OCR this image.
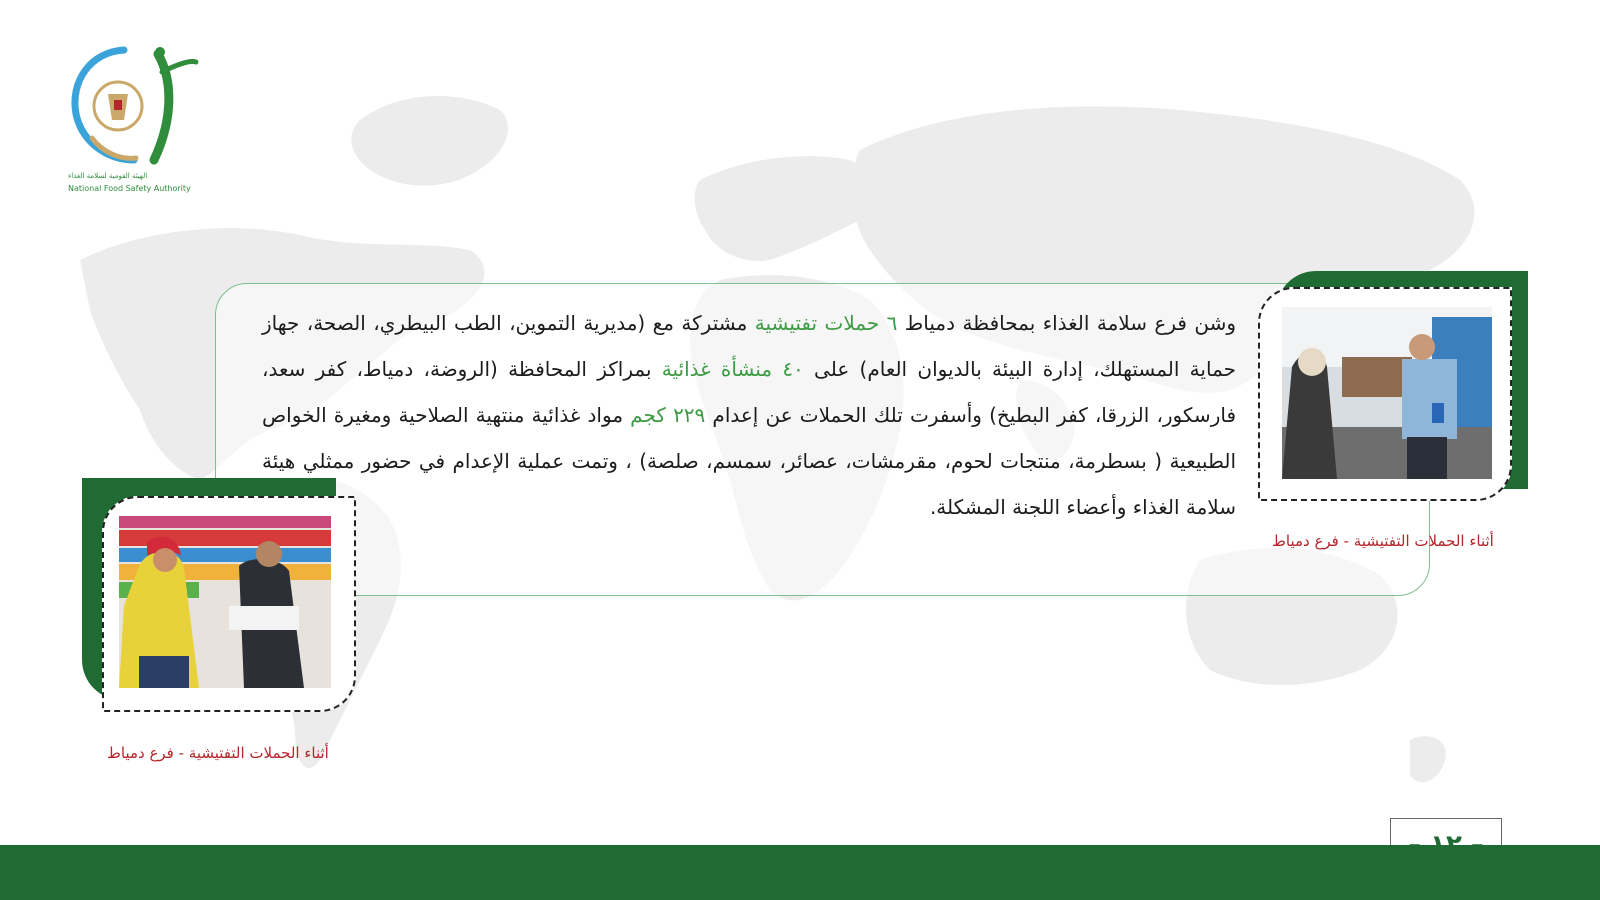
NFSA
الهيئة القومية لسلامة الغذاء
National Food Safety Authority

وشن فرع سلامة الغذاء بمحافظة دمياط ٦ حملات تفتيشية مشتركة مع (مديرية التموين، الطب البيطري، الصحة، جهاز حماية المستهلك، إدارة البيئة بالديوان العام) على ٤٠ منشأة غذائية بمراكز المحافظة (الروضة، دمياط، كفر سعد، فارسكور، الزرقا، كفر البطيخ) وأسفرت تلك الحملات عن إعدام ٢٢٩ كجم مواد غذائية منتهية الصلاحية ومغيرة الخواص الطبيعية ( بسطرمة، منتجات لحوم، مقرمشات، عصائر، سمسم، صلصة) ، وتمت عملية الإعدام في حضور ممثلي هيئة سلامة الغذاء وأعضاء اللجنة المشكلة.

أثناء الحملات التفتيشية - فرع دمياط
أثناء الحملات التفتيشية - فرع دمياط
